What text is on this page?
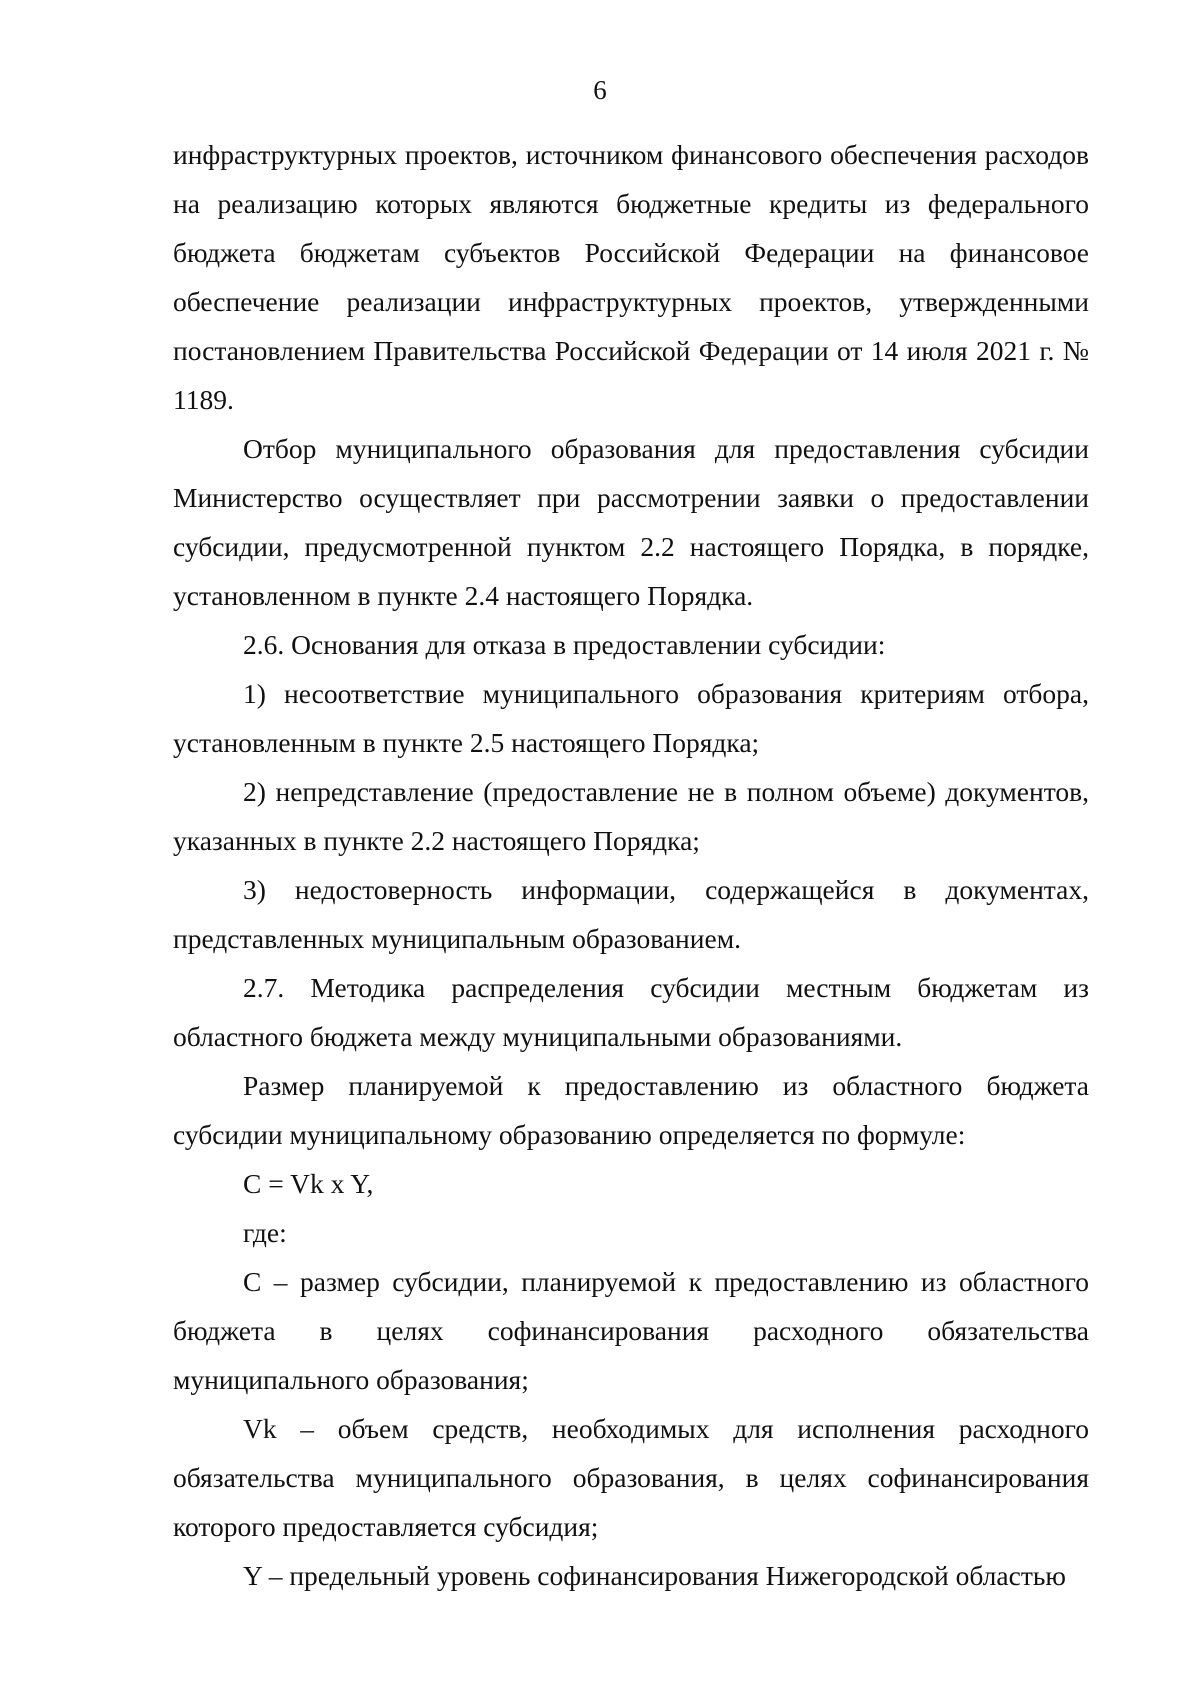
6

инфраструктурных проектов, источником финансового обеспечения расходов на реализацию которых являются бюджетные кредиты из федерального бюджета бюджетам субъектов Российской Федерации на финансовое обеспечение реализации инфраструктурных проектов, утвержденными постановлением Правительства Российской Федерации от 14 июля 2021 г. № 1189.

Отбор муниципального образования для предоставления субсидии Министерство осуществляет при рассмотрении заявки о предоставлении субсидии, предусмотренной пунктом 2.2 настоящего Порядка, в порядке, установленном в пункте 2.4 настоящего Порядка.

2.6. Основания для отказа в предоставлении субсидии:

1) несоответствие муниципального образования критериям отбора, установленным в пункте 2.5 настоящего Порядка;

2) непредставление (предоставление не в полном объеме) документов, указанных в пункте 2.2 настоящего Порядка;

3) недостоверность информации, содержащейся в документах, представленных муниципальным образованием.

2.7. Методика распределения субсидии местным бюджетам из областного бюджета между муниципальными образованиями.

Размер планируемой к предоставлению из областного бюджета субсидии муниципальному образованию определяется по формуле:

C = Vk x Y,

где:

C – размер субсидии, планируемой к предоставлению из областного бюджета в целях софинансирования расходного обязательства муниципального образования;

Vk – объем средств, необходимых для исполнения расходного обязательства муниципального образования, в целях софинансирования которого предоставляется субсидия;

Y – предельный уровень софинансирования Нижегородской областью
